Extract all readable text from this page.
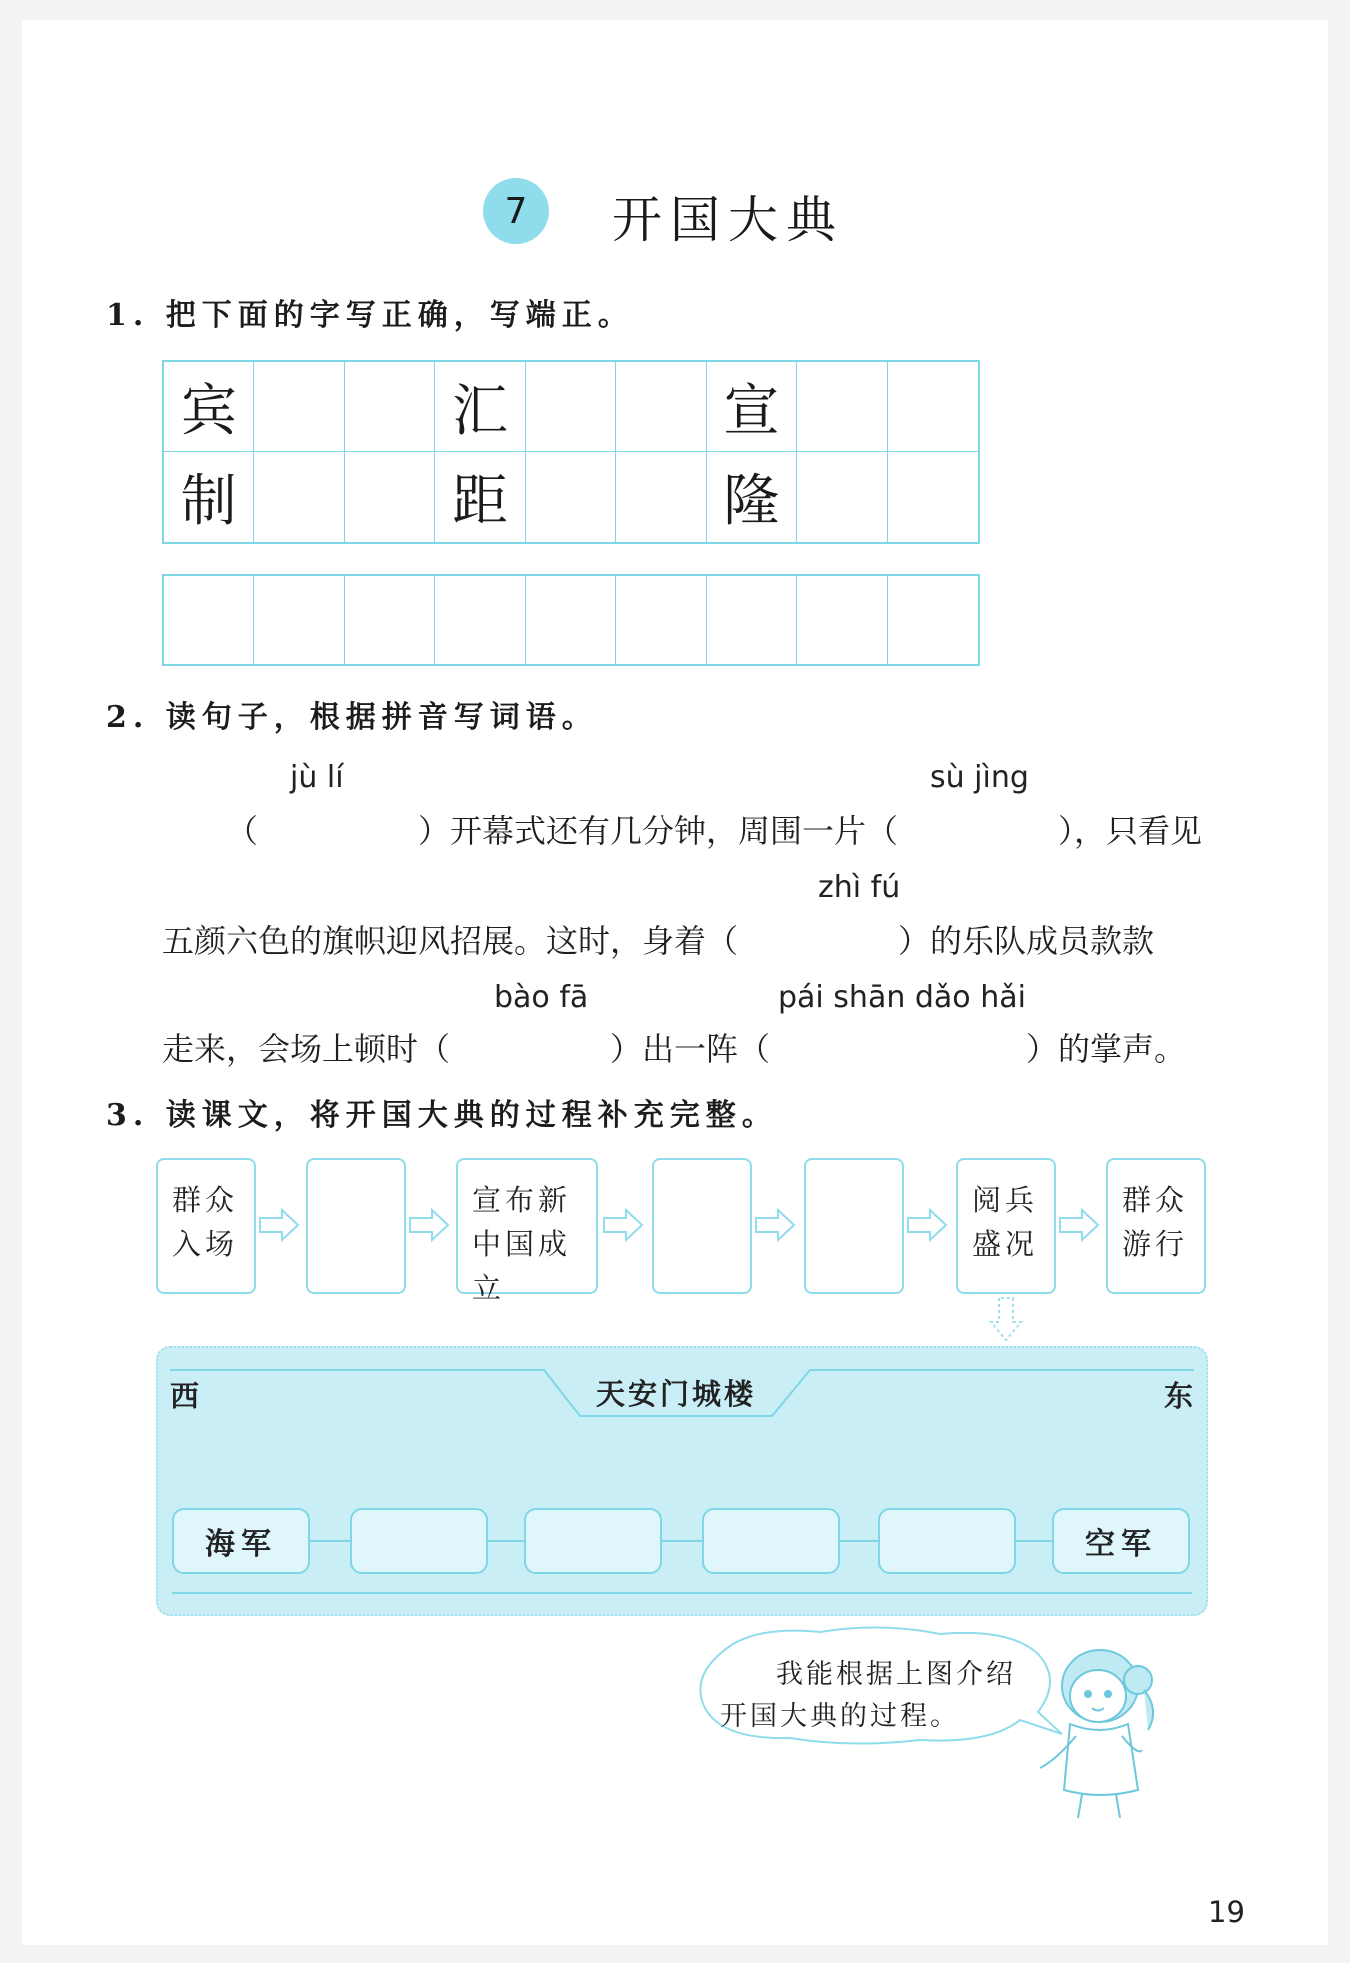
7 开国大典
1. 把下面的字写正确，写端正。
宾	汇	宣
制	距	隆
2. 读句子，根据拼音写词语。
jù lí	sù jìng
（　　　　　）开幕式还有几分钟，周围一片（　　　　　），只看见
zhì fú
五颜六色的旗帜迎风招展。这时，身着（　　　　　）的乐队成员款款
bào fā	pái shān dǎo hǎi
走来，会场上顿时（　　　　　）出一阵（　　　　　　　　）的掌声。
3. 读课文，将开国大典的过程补充完整。
群众入场
宣布新中国成立
阅兵盛况
群众游行
西	东
天安门城楼
海军	空军
我能根据上图介绍
开国大典的过程。
19
